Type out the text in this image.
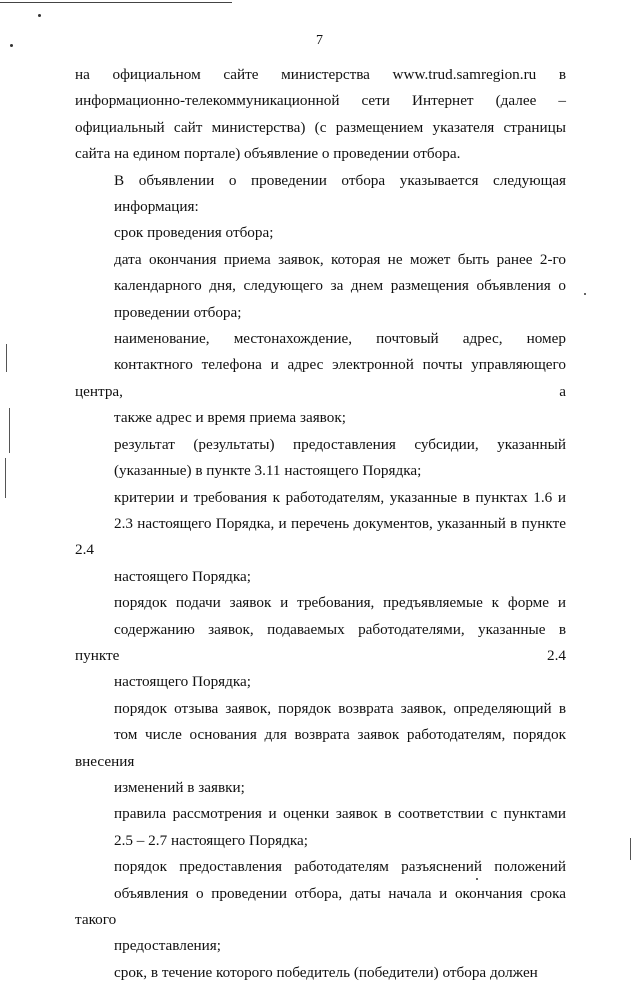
7

на официальном сайте министерства www.trud.samregion.ru в
информационно-телекоммуникационной сети Интернет (далее –
официальный сайт министерства) (с размещением указателя страницы
сайта на едином портале) объявление о проведении отбора.

В объявлении о проведении отбора указывается следующая
информация:

срок проведения отбора;

дата окончания приема заявок, которая не может быть ранее 2-го
календарного дня, следующего за днем размещения объявления о
проведении отбора;

наименование, местонахождение, почтовый адрес, номер
контактного телефона и адрес электронной почты управляющего центра, а
также адрес и время приема заявок;

результат (результаты) предоставления субсидии, указанный
(указанные) в пункте 3.11 настоящего Порядка;

критерии и требования к работодателям, указанные в пунктах 1.6 и
2.3 настоящего Порядка, и перечень документов, указанный в пункте 2.4
настоящего Порядка;

порядок подачи заявок и требования, предъявляемые к форме и
содержанию заявок, подаваемых работодателями, указанные в пункте 2.4
настоящего Порядка;

порядок отзыва заявок, порядок возврата заявок, определяющий в
том числе основания для возврата заявок работодателям, порядок внесения
изменений в заявки;

правила рассмотрения и оценки заявок в соответствии с пунктами
2.5 – 2.7 настоящего Порядка;

порядок предоставления работодателям разъяснений положений
объявления о проведении отбора, даты начала и окончания срока такого
предоставления;

срок, в течение которого победитель (победители) отбора должен
